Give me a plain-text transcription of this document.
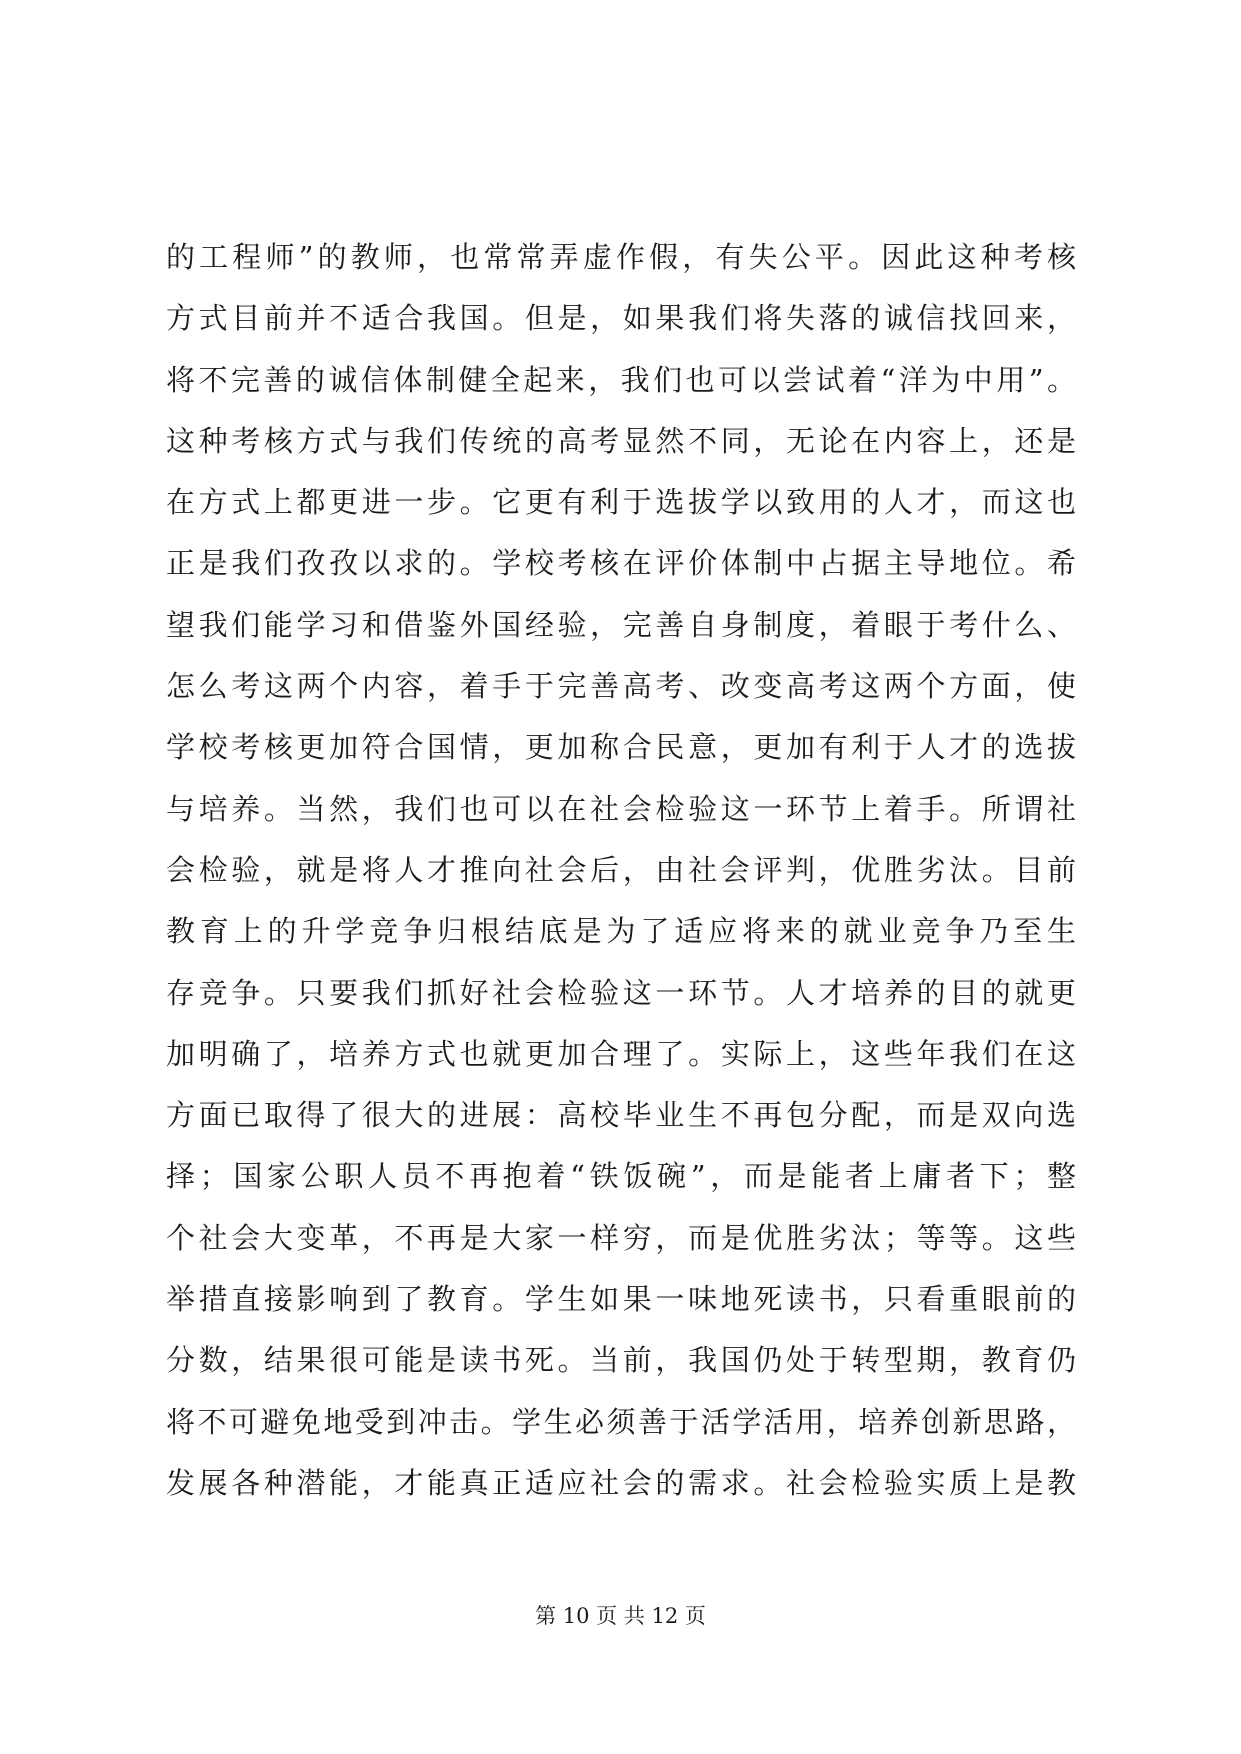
的工程师”的教师，也常常弄虚作假，有失公平。因此这种考核
方式目前并不适合我国。但是，如果我们将失落的诚信找回来，
将不完善的诚信体制健全起来，我们也可以尝试着“洋为中用”。
这种考核方式与我们传统的高考显然不同，无论在内容上，还是
在方式上都更进一步。它更有利于选拔学以致用的人才，而这也
正是我们孜孜以求的。学校考核在评价体制中占据主导地位。希
望我们能学习和借鉴外国经验，完善自身制度，着眼于考什么、
怎么考这两个内容，着手于完善高考、改变高考这两个方面，使
学校考核更加符合国情，更加称合民意，更加有利于人才的选拔
与培养。当然，我们也可以在社会检验这一环节上着手。所谓社
会检验，就是将人才推向社会后，由社会评判，优胜劣汰。目前
教育上的升学竞争归根结底是为了适应将来的就业竞争乃至生
存竞争。只要我们抓好社会检验这一环节。人才培养的目的就更
加明确了，培养方式也就更加合理了。实际上，这些年我们在这
方面已取得了很大的进展：高校毕业生不再包分配，而是双向选
择；国家公职人员不再抱着“铁饭碗”，而是能者上庸者下；整
个社会大变革，不再是大家一样穷，而是优胜劣汰；等等。这些
举措直接影响到了教育。学生如果一味地死读书，只看重眼前的
分数，结果很可能是读书死。当前，我国仍处于转型期，教育仍
将不可避免地受到冲击。学生必须善于活学活用，培养创新思路，
发展各种潜能，才能真正适应社会的需求。社会检验实质上是教
第 10 页 共 12 页
